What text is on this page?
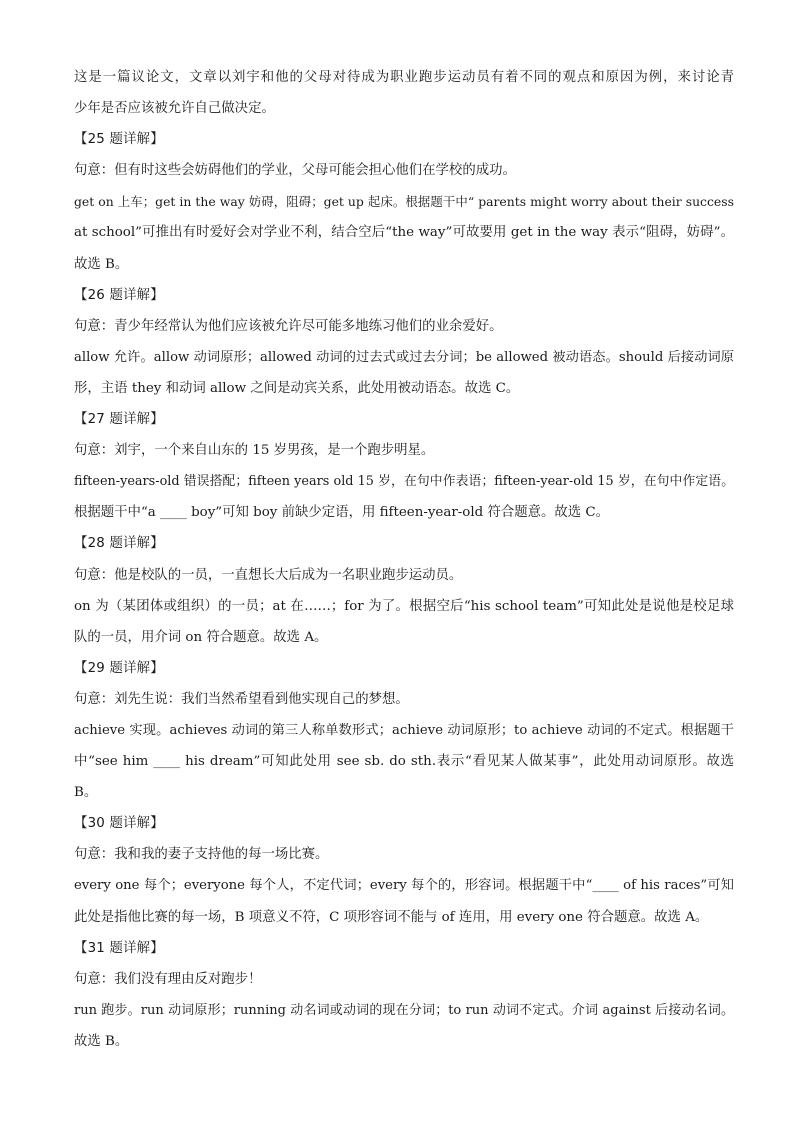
这是一篇议论文，文章以刘宇和他的父母对待成为职业跑步运动员有着不同的观点和原因为例，来讨论青
少年是否应该被允许自己做决定。
【25 题详解】
句意：但有时这些会妨碍他们的学业，父母可能会担心他们在学校的成功。
get on 上车；get in the way 妨碍，阻碍；get up 起床。根据题干中“ parents might worry about their success
at school”可推出有时爱好会对学业不利，结合空后“the way”可故要用 get in the way 表示“阻碍，妨碍”。
故选 B。
【26 题详解】
句意：青少年经常认为他们应该被允许尽可能多地练习他们的业余爱好。
allow 允许。allow 动词原形；allowed 动词的过去式或过去分词；be allowed 被动语态。should 后接动词原
形，主语 they 和动词 allow 之间是动宾关系，此处用被动语态。故选 C。
【27 题详解】
句意：刘宇，一个来自山东的 15 岁男孩，是一个跑步明星。
fifteen-years-old 错误搭配；fifteen years old 15 岁，在句中作表语；fifteen-year-old 15 岁，在句中作定语。
根据题干中“a ____ boy”可知 boy 前缺少定语，用 fifteen-year-old 符合题意。故选 C。
【28 题详解】
句意：他是校队的一员，一直想长大后成为一名职业跑步运动员。
on 为（某团体或组织）的一员；at 在……；for 为了。根据空后“his school team”可知此处是说他是校足球
队的一员，用介词 on 符合题意。故选 A。
【29 题详解】
句意：刘先生说：我们当然希望看到他实现自己的梦想。
achieve 实现。achieves 动词的第三人称单数形式；achieve 动词原形；to achieve 动词的不定式。根据题干
中“see him ____ his dream”可知此处用 see sb. do sth.表示“看见某人做某事”，此处用动词原形。故选
B。
【30 题详解】
句意：我和我的妻子支持他的每一场比赛。
every one 每个；everyone 每个人，不定代词；every 每个的，形容词。根据题干中“____ of his races”可知
此处是指他比赛的每一场，B 项意义不符，C 项形容词不能与 of 连用，用 every one 符合题意。故选 A。
【31 题详解】
句意：我们没有理由反对跑步！
run 跑步。run 动词原形；running 动名词或动词的现在分词；to run 动词不定式。介词 against 后接动名词。
故选 B。
